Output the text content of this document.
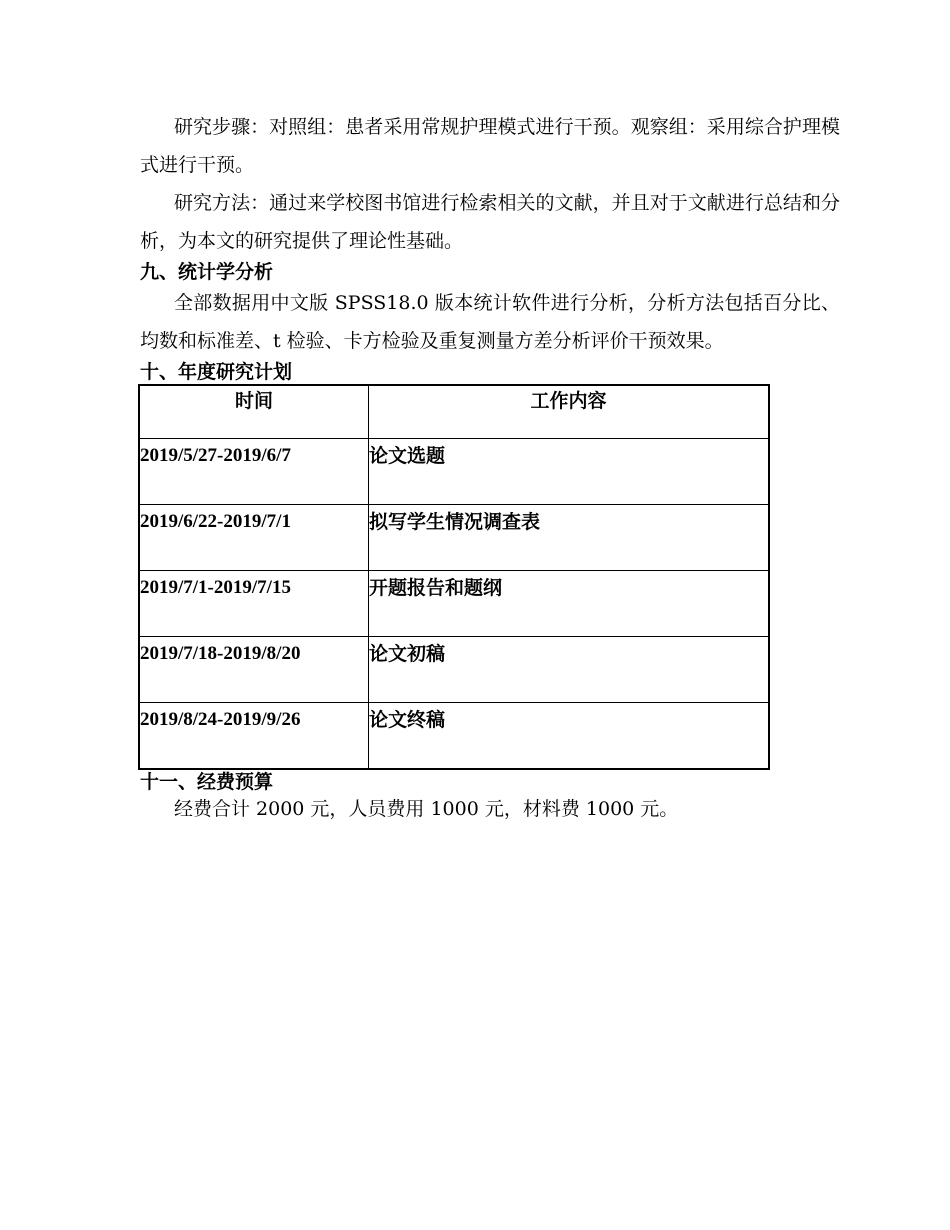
研究步骤：对照组：患者采用常规护理模式进行干预。观察组：采用综合护理模式进行干预。

研究方法：通过来学校图书馆进行检索相关的文献，并且对于文献进行总结和分析，为本文的研究提供了理论性基础。

九、统计学分析

全部数据用中文版 SPSS18.0 版本统计软件进行分析，分析方法包括百分比、均数和标准差、t 检验、卡方检验及重复测量方差分析评价干预效果。

十、年度研究计划
时间	工作内容
2019/5/27-2019/6/7	论文选题
2019/6/22-2019/7/1	拟写学生情况调查表
2019/7/1-2019/7/15	开题报告和题纲
2019/7/18-2019/8/20	论文初稿
2019/8/24-2019/9/26	论文终稿
十一、经费预算

经费合计 2000 元，人员费用 1000 元，材料费 1000 元。
